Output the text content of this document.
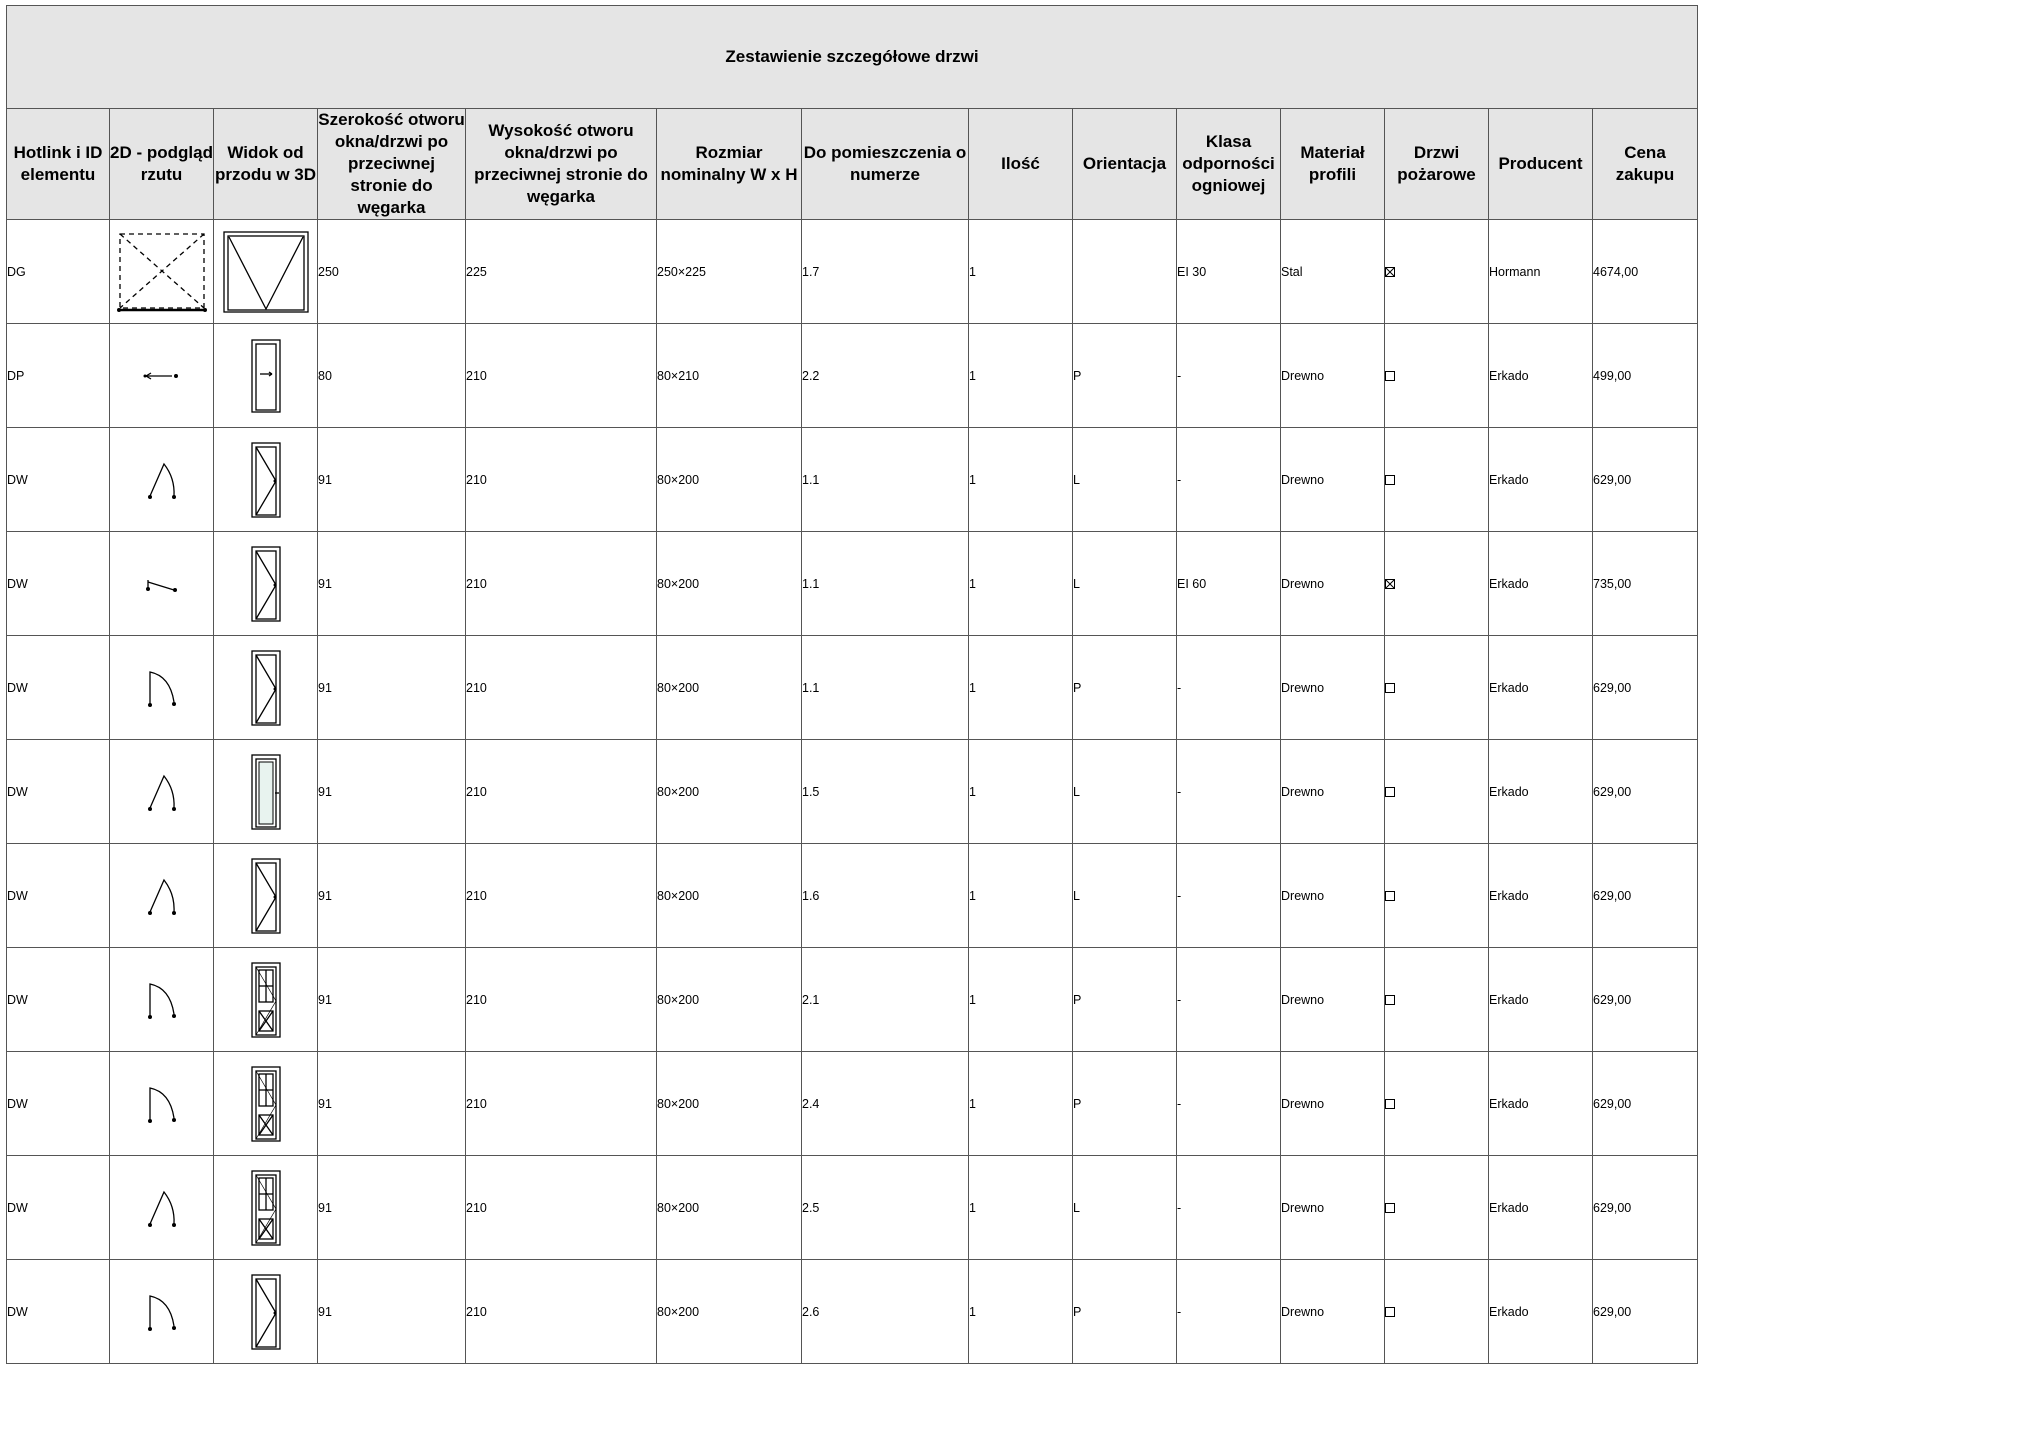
Zestawienie szczegółowe drzwi													
Hotlink i ID elementu	2D - podgląd rzutu	Widok od przodu w 3D	Szerokość otworu okna/drzwi po przeciwnej stronie do węgarka	Wysokość otworu okna/drzwi po przeciwnej stronie do węgarka	Rozmiar nominalny W x H	Do pomieszczenia o numerze	Ilość	Orientacja	Klasa odporności ogniowej	Materiał profili	Drzwi pożarowe	Producent	Cena zakupu
DG			250	225	250×225	1.7	1		EI 30	Stal		Hormann	4674,00
DP			80	210	80×210	2.2	1	P	-	Drewno		Erkado	499,00
DW			91	210	80×200	1.1	1	L	-	Drewno		Erkado	629,00
DW			91	210	80×200	1.1	1	L	EI 60	Drewno		Erkado	735,00
DW			91	210	80×200	1.1	1	P	-	Drewno		Erkado	629,00
DW			91	210	80×200	1.5	1	L	-	Drewno		Erkado	629,00
DW			91	210	80×200	1.6	1	L	-	Drewno		Erkado	629,00
DW			91	210	80×200	2.1	1	P	-	Drewno		Erkado	629,00
DW			91	210	80×200	2.4	1	P	-	Drewno		Erkado	629,00
DW			91	210	80×200	2.5	1	L	-	Drewno		Erkado	629,00
DW			91	210	80×200	2.6	1	P	-	Drewno		Erkado	629,00
